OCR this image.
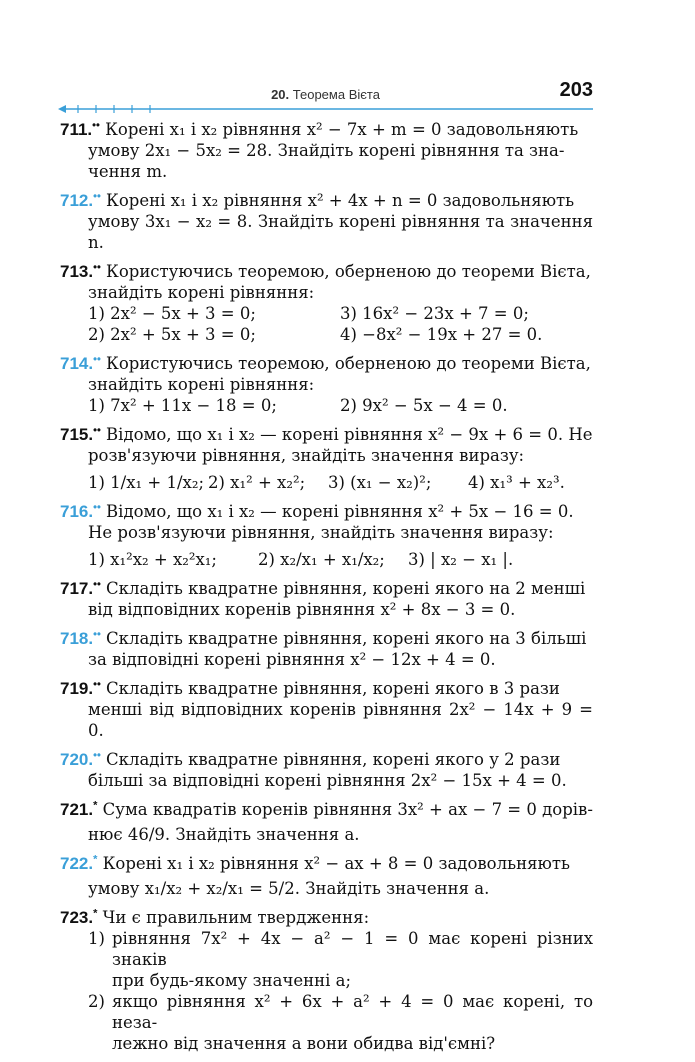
20. Теорема Вієта	203
711.•• Корені x₁ і x₂ рівняння x² − 7x + m = 0 задовольняють
умову 2x₁ − 5x₂ = 28. Знайдіть корені рівняння та зна-
чення m.
712.•• Корені x₁ і x₂ рівняння x² + 4x + n = 0 задовольняють
умову 3x₁ − x₂ = 8. Знайдіть корені рівняння та значення n.
713.•• Користуючись теоремою, оберненою до теореми Вієта,
знайдіть корені рівняння:
1) 2x² − 5x + 3 = 0;	3) 16x² − 23x + 7 = 0;
2) 2x² + 5x + 3 = 0;	4) −8x² − 19x + 27 = 0.
714.•• Користуючись теоремою, оберненою до теореми Вієта,
знайдіть корені рівняння:
1) 7x² + 11x − 18 = 0;	2) 9x² − 5x − 4 = 0.
715.•• Відомо, що x₁ і x₂ — корені рівняння x² − 9x + 6 = 0. Не
розв'язуючи рівняння, знайдіть значення виразу:
1) 1/x₁ + 1/x₂; 2) x₁² + x₂²;	3) (x₁ − x₂)²;	4) x₁³ + x₂³.
716.•• Відомо, що x₁ і x₂ — корені рівняння x² + 5x − 16 = 0.
Не розв'язуючи рівняння, знайдіть значення виразу:
1) x₁²x₂ + x₂²x₁;	2) x₂/x₁ + x₁/x₂;	3) | x₂ − x₁ |.
717.•• Складіть квадратне рівняння, корені якого на 2 менші
від відповідних коренів рівняння x² + 8x − 3 = 0.
718.•• Складіть квадратне рівняння, корені якого на 3 більші
за відповідні корені рівняння x² − 12x + 4 = 0.
719.•• Складіть квадратне рівняння, корені якого в 3 рази
менші від відповідних коренів рівняння 2x² − 14x + 9 = 0.
720.•• Складіть квадратне рівняння, корені якого у 2 рази
більші за відповідні корені рівняння 2x² − 15x + 4 = 0.
721.* Сума квадратів коренів рівняння 3x² + ax − 7 = 0 дорів-
нює 46/9. Знайдіть значення a.
722.* Корені x₁ і x₂ рівняння x² − ax + 8 = 0 задовольняють
умову x₁/x₂ + x₂/x₁ = 5/2. Знайдіть значення a.
723.* Чи є правильним твердження:
1) рівняння 7x² + 4x − a² − 1 = 0 має корені різних знаків
при будь-якому значенні a;
2) якщо рівняння x² + 6x + a² + 4 = 0 має корені, то неза-
лежно від значення a вони обидва від'ємні?
